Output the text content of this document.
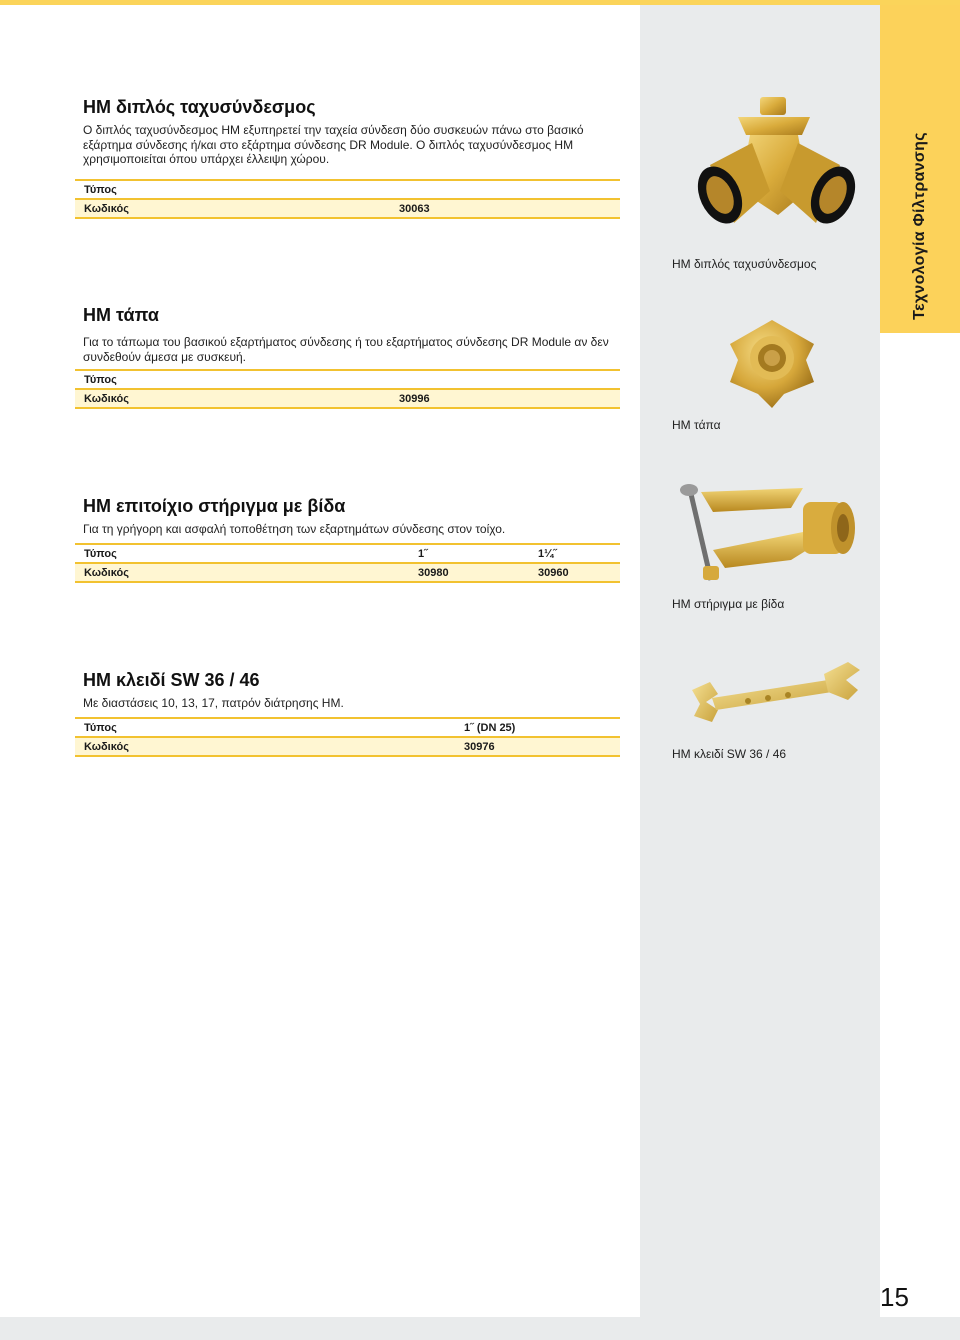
Τεχνολογία Φίλτρανσης
15
HM διπλός ταχυσύνδεσμος

Ο διπλός ταχυσύνδεσμος HM εξυπηρετεί την ταχεία σύνδεση δύο συσκευών πάνω στο βασικό εξάρτημα σύνδεσης ή/και στο εξάρτημα σύνδεσης DR Module. Ο διπλός ταχυσύνδεσμος HM χρησιμοποιείται όπου υπάρχει έλλειψη χώρου.

Τύπος	
Κωδικός	30063
HM τάπα

Για το τάπωμα του βασικού εξαρτήματος σύνδεσης ή του εξαρτήματος σύνδεσης DR Module αν δεν συνδεθούν άμεσα με συσκευή.

Τύπος	
Κωδικός	30996
HM επιτοίχιο στήριγμα με βίδα

Για τη γρήγορη και ασφαλή τοποθέτηση των εξαρτημάτων σύνδεσης στον τοίχο.

Τύπος	1˝	1¼˝
Κωδικός	30980	30960
HM κλειδί SW 36 / 46

Με διαστάσεις 10, 13, 17, πατρόν διάτρησης HM.

Τύπος	1˝ (DN 25)
Κωδικός	30976
HM διπλός ταχυσύνδεσμος
HM τάπα
HM στήριγμα με βίδα
HM κλειδί SW 36 / 46
